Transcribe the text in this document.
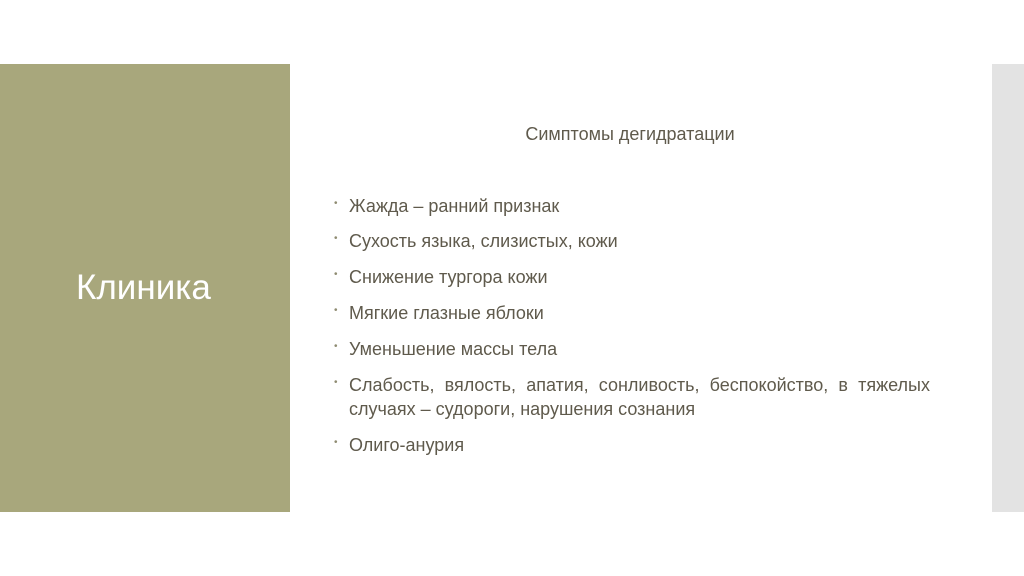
Клиника
Симптомы дегидратации
• Жажда – ранний признак
• Сухость языка, слизистых, кожи
• Снижение тургора кожи
• Мягкие глазные яблоки
• Уменьшение массы тела
• Слабость, вялость, апатия, сонливость, беспокойство, в тяжелых случаях – судороги, нарушения сознания
• Олиго-анурия
